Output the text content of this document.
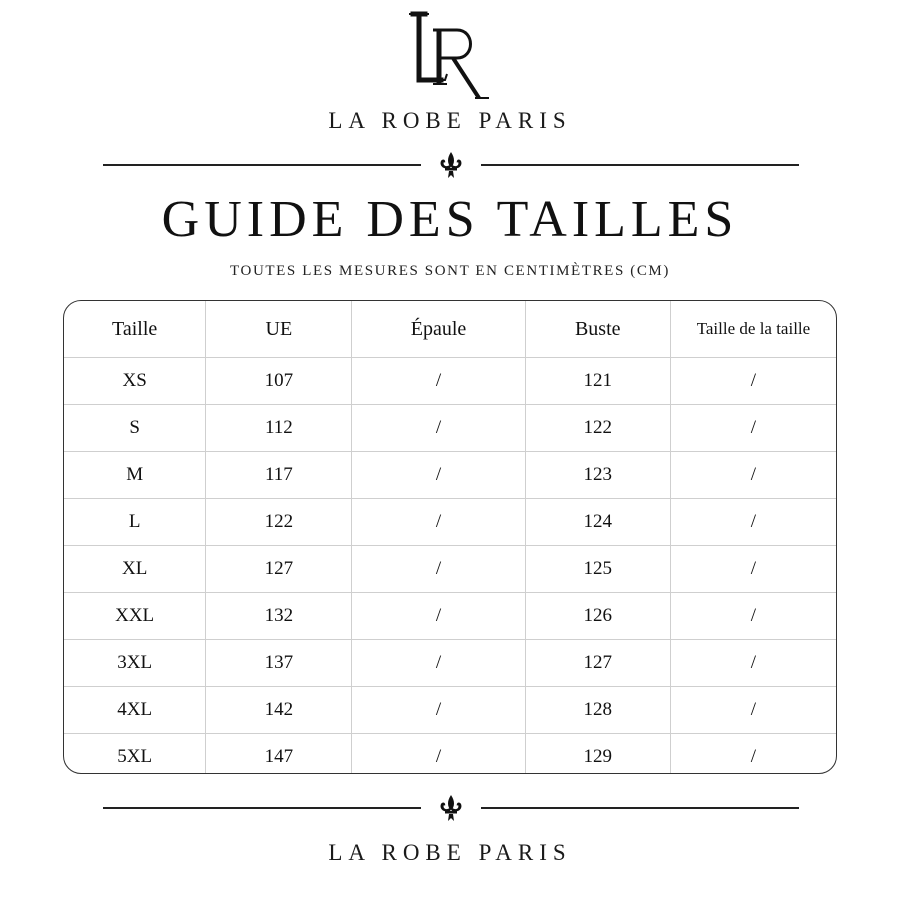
LA ROBE PARIS
GUIDE DES TAILLES
TOUTES LES MESURES SONT EN CENTIMÈTRES (CM)
Taille	UE	Épaule	Buste	Taille de la taille
XS	107	/	121	/
S	112	/	122	/
M	117	/	123	/
L	122	/	124	/
XL	127	/	125	/
XXL	132	/	126	/
3XL	137	/	127	/
4XL	142	/	128	/
5XL	147	/	129	/
LA ROBE PARIS
